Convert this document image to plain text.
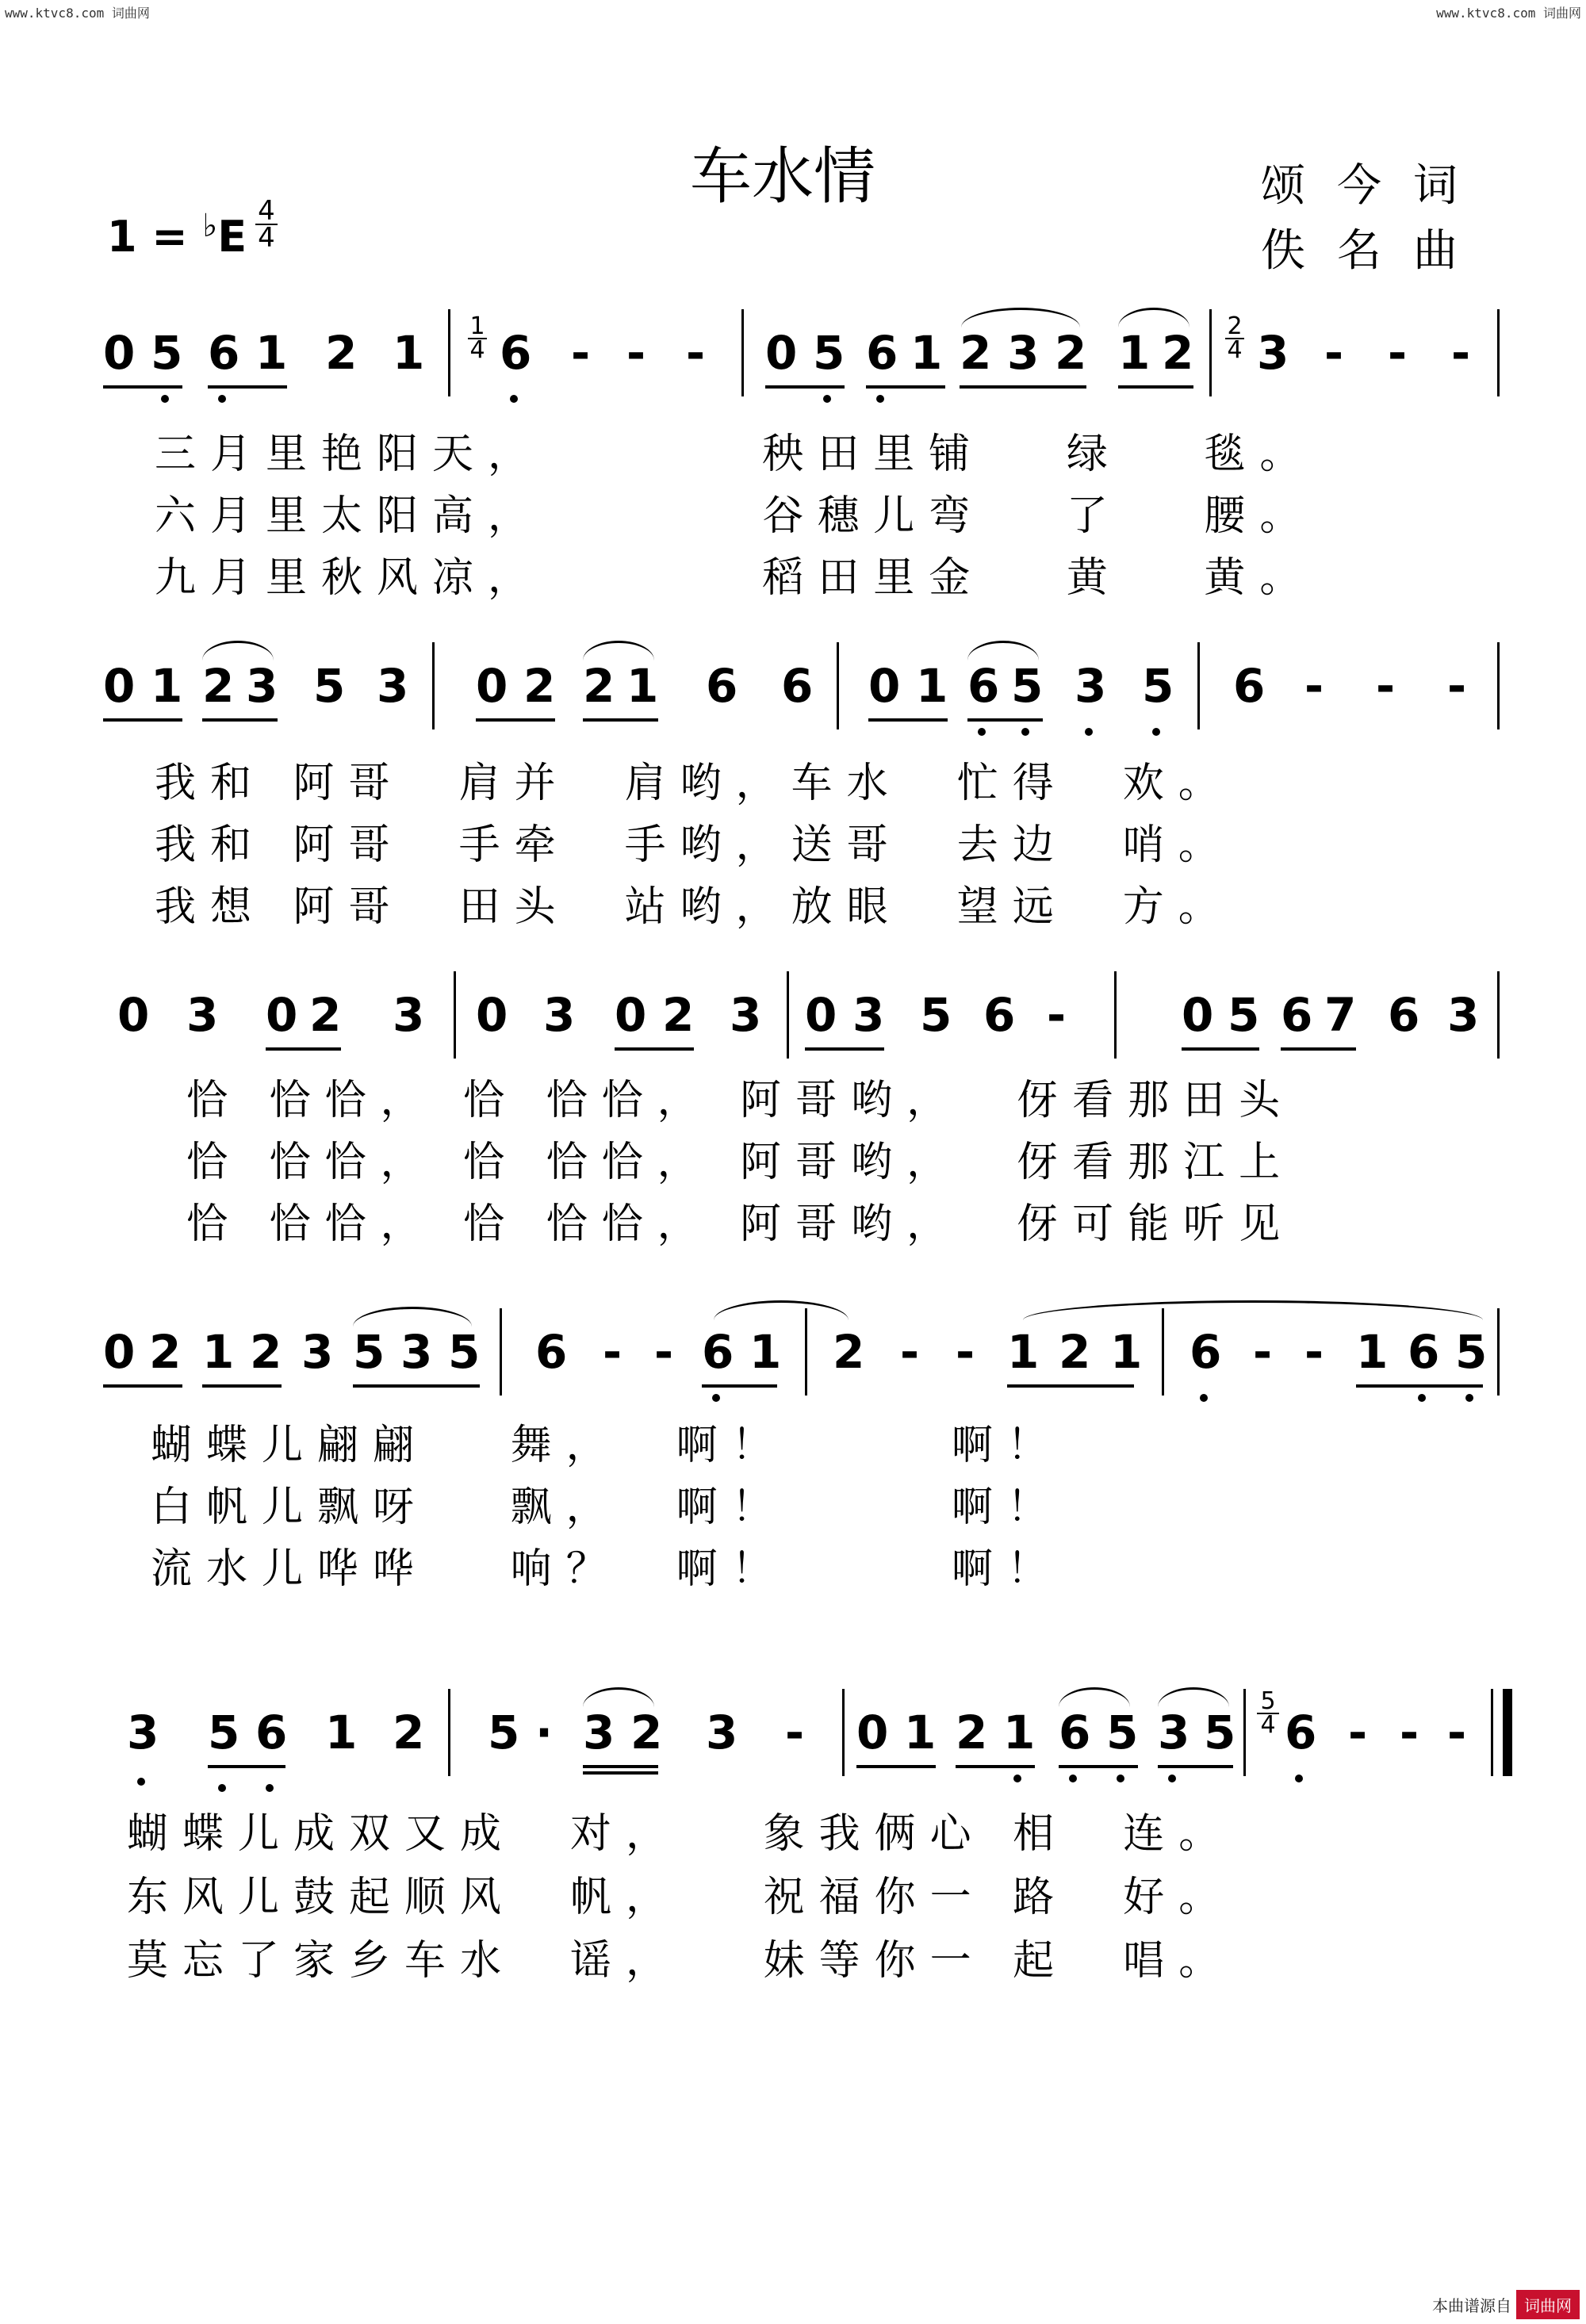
www.ktvc8.com 词曲网	www.ktvc8.com 词曲网
车水情	颂今词
佚名曲
$1 = ^♭E \frac{4}{4}$
0 5 6 1 2 1 1
4 6 - - - 0 5 6 1 2 3 2 1 2 2
4 3 - - -
三月里艳阳天，        秧田里铺   绿   毯。
六月里太阳高，        谷穗儿弯   了   腰。
九月里秋风凉，        稻田里金   黄   黄。
0 1 2 3 5 3 0 2 2 1 6 6 0 1 6 5 3 5 6 - - -
我和 阿哥  肩并  肩哟，车水  忙得  欢。
我和 阿哥  手牵  手哟，送哥  去边  哨。
我想 阿哥  田头  站哟，放眼  望远  方。
0 3 0 2 3 0 3 0 2 3 0 3 5 6 -	0 5 6 7 6 3
恰 恰恰， 恰 恰恰， 阿哥哟，  伢看那田头
恰 恰恰， 恰 恰恰， 阿哥哟，  伢看那江上
恰 恰恰， 恰 恰恰， 阿哥哟，  伢可能听见
0 2 1 2 3 5 3 5 6 - - 6 1 2 - - 1 2 1 6 - - 1 6 5
蝴蝶儿翩翩   舞，  啊！      啊！
白帆儿飘呀   飘，  啊！      啊！
流水儿哗哗   响？  啊！      啊！
3 5 6 1 2 5 · 3 2 3 - 0 1 2 1 6 5 3 5
5
4 6 - - -
蝴蝶儿成双又成  对，   象我俩心 相  连。
东风儿鼓起顺风  帆，   祝福你一 路  好。
莫忘了家乡车水  谣，   妹等你一 起  唱。
本曲谱源自 词曲网
